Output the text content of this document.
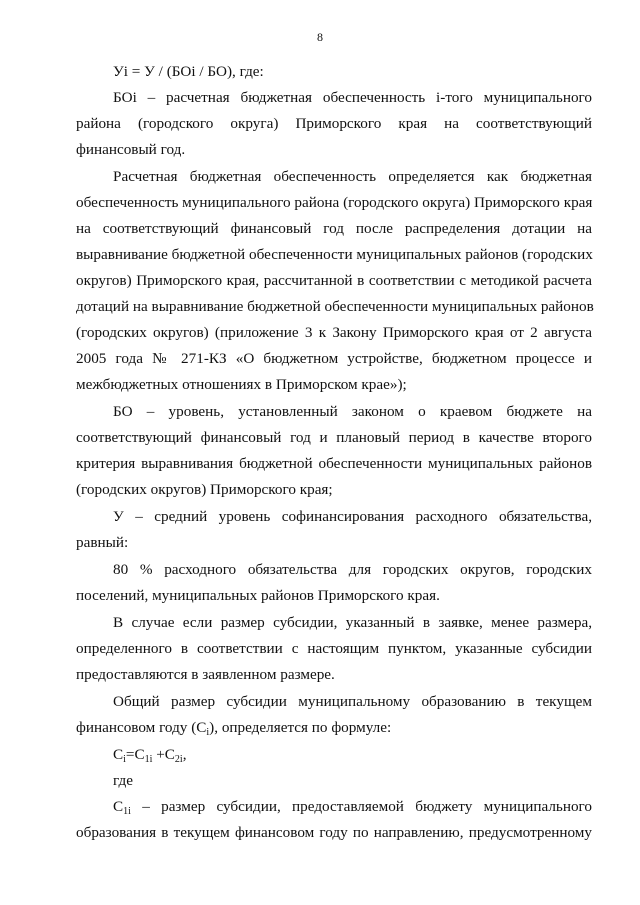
8
Уi = У / (БОi / БО), где:
БОi – расчетная бюджетная обеспеченность i-того муниципального
района (городского округа) Приморского края на соответствующий
финансовый год.
Расчетная бюджетная обеспеченность определяется как бюджетная
обеспеченность муниципального района (городского округа) Приморского края
на соответствующий финансовый год после распределения дотации на
выравнивание бюджетной обеспеченности муниципальных районов (городских
округов) Приморского края, рассчитанной в соответствии с методикой расчета
дотаций на выравнивание бюджетной обеспеченности муниципальных районов
(городских округов) (приложение 3 к Закону Приморского края от 2 августа
2005 года № 271-КЗ «О бюджетном устройстве, бюджетном процессе и
межбюджетных отношениях в Приморском крае»);
БО – уровень, установленный законом о краевом бюджете на
соответствующий финансовый год и плановый период в качестве второго
критерия выравнивания бюджетной обеспеченности муниципальных районов
(городских округов) Приморского края;
У – средний уровень софинансирования расходного обязательства,
равный:
80 % расходного обязательства для городских округов, городских
поселений, муниципальных районов Приморского края.
В случае если размер субсидии, указанный в заявке, менее размера,
определенного в соответствии с настоящим пунктом, указанные субсидии
предоставляются в заявленном размере.
Общий размер субсидии муниципальному образованию в текущем
финансовом году $(С_i)$, определяется по формуле:
$С_i=С_{1i} +С_{2i}$,
где
$С_{1i}$ – размер субсидии, предоставляемой бюджету муниципального
образования в текущем финансовом году по направлению, предусмотренному
